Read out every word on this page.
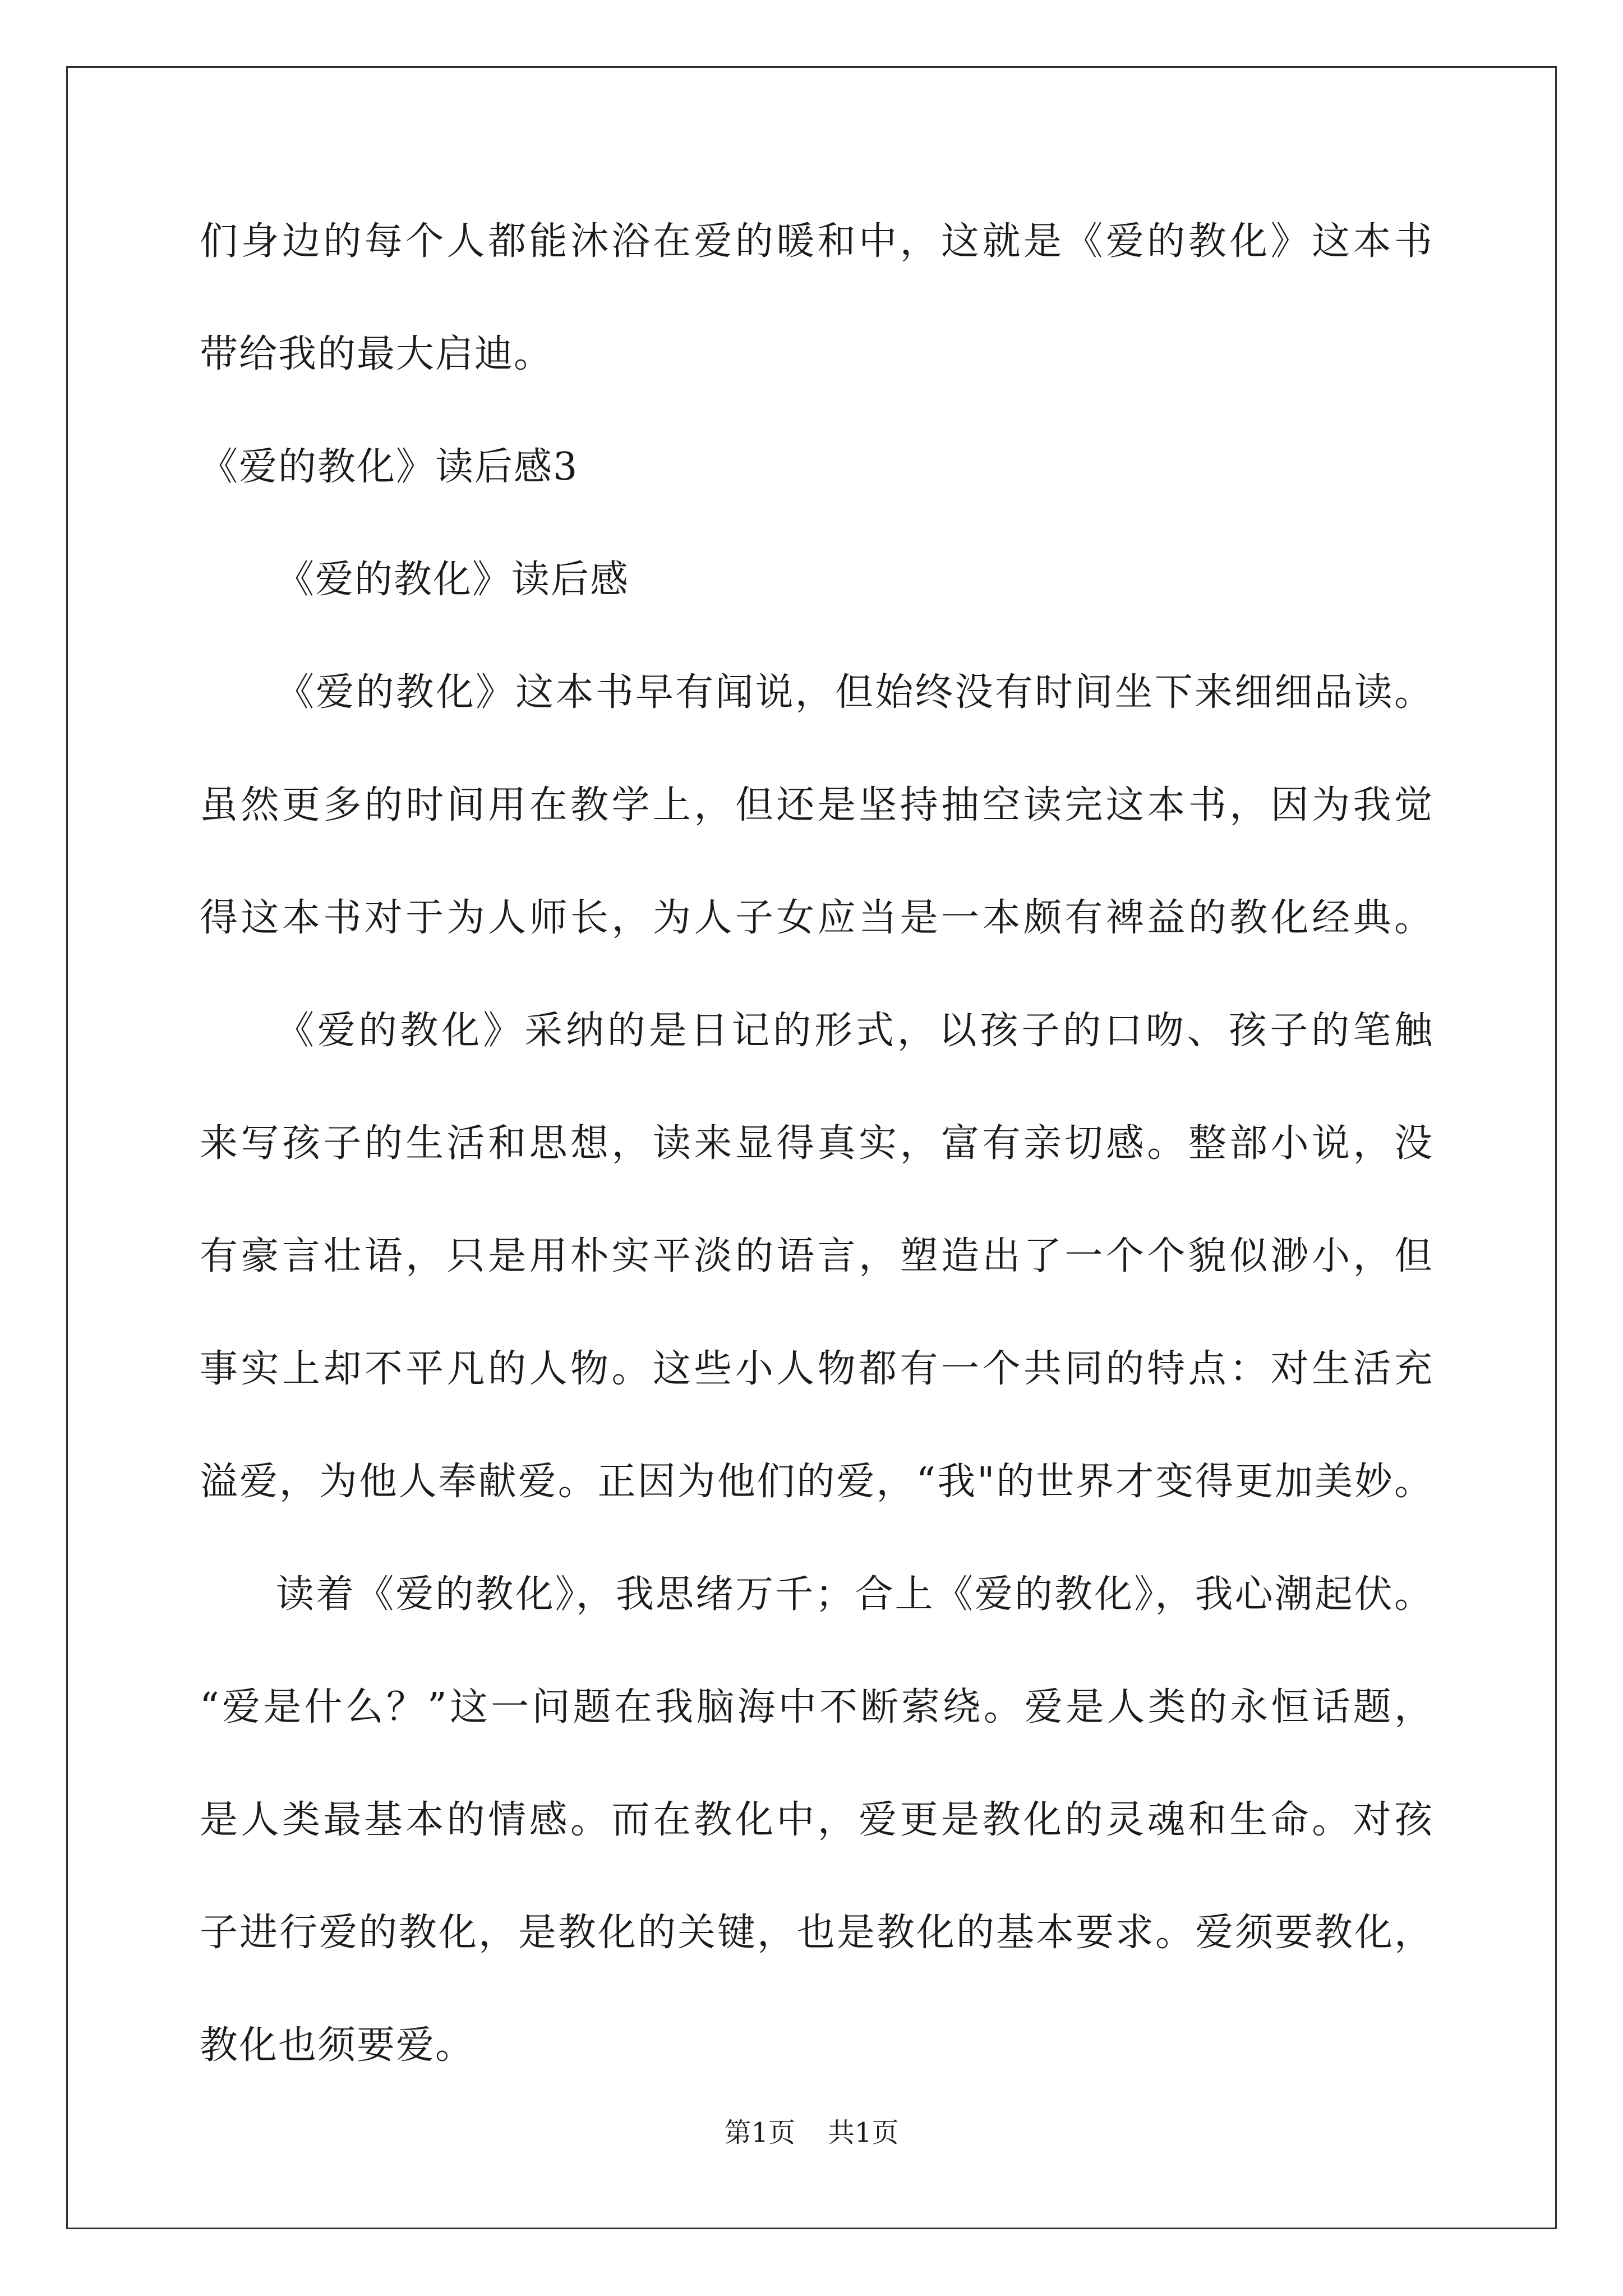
们身边的每个人都能沐浴在爱的暖和中，这就是《爱的教化》这本书
带给我的最大启迪。
《爱的教化》读后感3
《爱的教化》读后感
《爱的教化》这本书早有闻说，但始终没有时间坐下来细细品读。
虽然更多的时间用在教学上，但还是坚持抽空读完这本书，因为我觉
得这本书对于为人师长，为人子女应当是一本颇有裨益的教化经典。
《爱的教化》采纳的是日记的形式，以孩子的口吻、孩子的笔触
来写孩子的生活和思想，读来显得真实，富有亲切感。整部小说，没
有豪言壮语，只是用朴实平淡的语言，塑造出了一个个貌似渺小，但
事实上却不平凡的人物。这些小人物都有一个共同的特点：对生活充
溢爱，为他人奉献爱。正因为他们的爱，“我"的世界才变得更加美妙。
读着《爱的教化》，我思绪万千；合上《爱的教化》，我心潮起伏。
“爱是什么？”这一问题在我脑海中不断萦绕。爱是人类的永恒话题，
是人类最基本的情感。而在教化中，爱更是教化的灵魂和生命。对孩
子进行爱的教化，是教化的关键，也是教化的基本要求。爱须要教化，
教化也须要爱。
第1页 共1页
